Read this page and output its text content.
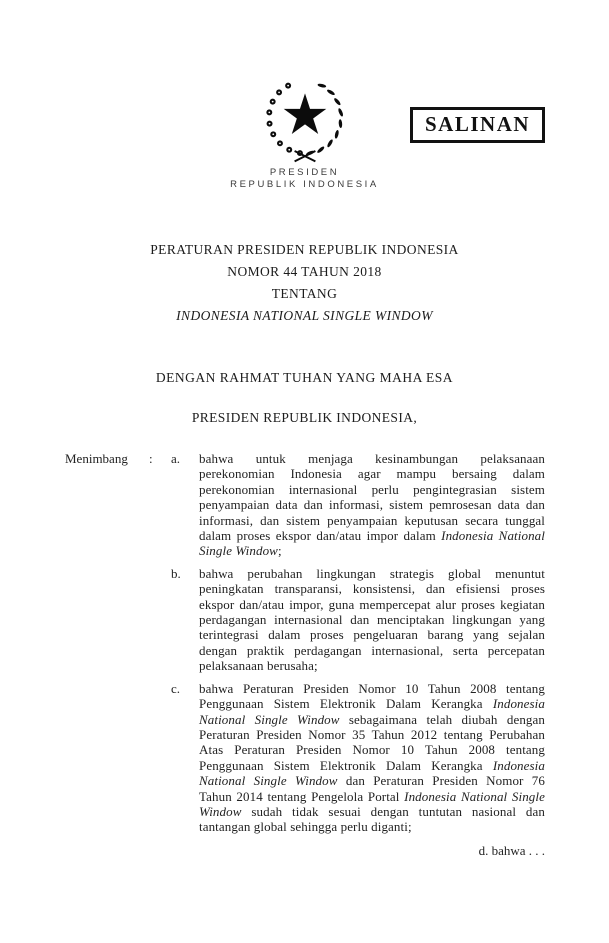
PRESIDEN
REPUBLIK INDONESIA
SALINAN
PERATURAN PRESIDEN REPUBLIK INDONESIA
NOMOR 44 TAHUN 2018
TENTANG
INDONESIA NATIONAL SINGLE WINDOW
DENGAN RAHMAT TUHAN YANG MAHA ESA
PRESIDEN REPUBLIK INDONESIA,
Menimbang	:	a.	bahwa untuk menjaga kesinambungan pelaksanaan perekonomian Indonesia agar mampu bersaing dalam perekonomian internasional perlu pengintegrasian sistem penyampaian data dan informasi, sistem pemrosesan data dan informasi, dan sistem penyampaian keputusan secara tunggal dalam proses ekspor dan/atau impor dalam Indonesia National Single Window;
b.	bahwa perubahan lingkungan strategis global menuntut peningkatan transparansi, konsistensi, dan efisiensi proses ekspor dan/atau impor, guna mempercepat alur proses kegiatan perdagangan internasional dan menciptakan lingkungan yang terintegrasi dalam proses pengeluaran barang yang sejalan dengan praktik perdagangan internasional, serta percepatan pelaksanaan berusaha;
c.	bahwa Peraturan Presiden Nomor 10 Tahun 2008 tentang Penggunaan Sistem Elektronik Dalam Kerangka Indonesia National Single Window sebagaimana telah diubah dengan Peraturan Presiden Nomor 35 Tahun 2012 tentang Perubahan Atas Peraturan Presiden Nomor 10 Tahun 2008 tentang Penggunaan Sistem Elektronik Dalam Kerangka Indonesia National Single Window dan Peraturan Presiden Nomor 76 Tahun 2014 tentang Pengelola Portal Indonesia National Single Window sudah tidak sesuai dengan tuntutan nasional dan tantangan global sehingga perlu diganti;
d. bahwa . . .
